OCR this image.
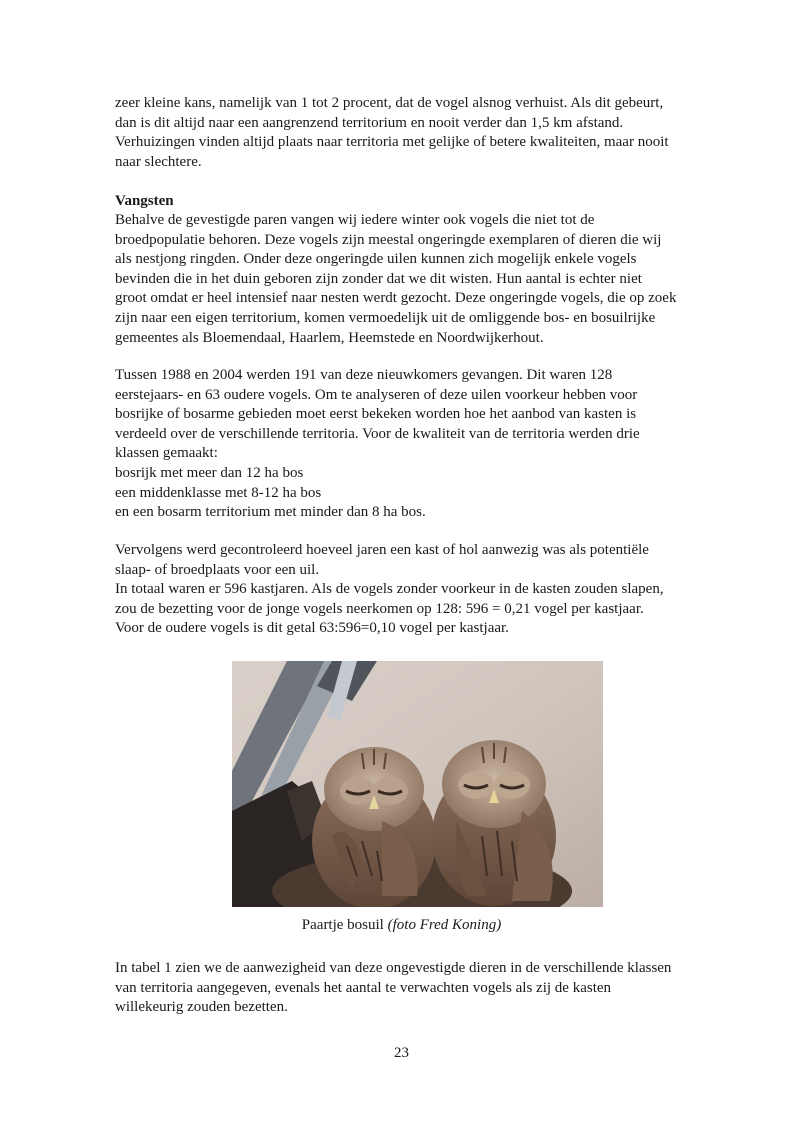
zeer kleine kans, namelijk van 1 tot 2 procent, dat de vogel alsnog verhuist. Als dit gebeurt,
dan is dit altijd naar een aangrenzend territorium en nooit verder dan 1,5 km afstand.
Verhuizingen vinden altijd plaats naar territoria met gelijke of betere kwaliteiten, maar nooit
naar slechtere.
Vangsten
Behalve de gevestigde paren vangen wij iedere winter ook vogels die niet tot de
broedpopulatie behoren. Deze vogels zijn meestal ongeringde exemplaren of dieren die wij
als nestjong ringden. Onder deze ongeringde uilen kunnen zich mogelijk enkele vogels
bevinden die in het duin geboren zijn zonder dat we dit wisten. Hun aantal is echter niet
groot omdat er heel intensief naar nesten werdt gezocht. Deze ongeringde vogels, die op zoek
zijn naar een eigen territorium, komen vermoedelijk uit de omliggende bos- en bosuilrijke
gemeentes als Bloemendaal, Haarlem, Heemstede en Noordwijkerhout.
Tussen 1988 en 2004 werden 191 van deze nieuwkomers gevangen. Dit waren 128
eerstejaars- en 63 oudere vogels. Om te analyseren of deze uilen voorkeur hebben voor
bosrijke of bosarme gebieden moet eerst bekeken worden hoe het aanbod van kasten is
verdeeld over de verschillende territoria. Voor de kwaliteit van de territoria werden drie
klassen gemaakt:
bosrijk met meer dan 12 ha bos
een middenklasse met 8-12 ha bos
en een bosarm territorium met minder dan 8 ha bos.
Vervolgens werd gecontroleerd hoeveel jaren een kast of hol aanwezig was als potentiële
slaap- of broedplaats voor een uil.
In totaal waren er 596 kastjaren. Als de vogels zonder voorkeur in de kasten zouden slapen,
zou de bezetting voor de jonge vogels neerkomen op 128: 596 = 0,21 vogel per kastjaar.
Voor de oudere vogels is dit getal 63:596=0,10 vogel per kastjaar.
Paartje bosuil (foto Fred Koning)
In tabel 1 zien we de aanwezigheid van deze ongevestigde dieren in de verschillende klassen
van territoria aangegeven, evenals het aantal te verwachten vogels als zij de kasten
willekeurig zouden bezetten.
23
